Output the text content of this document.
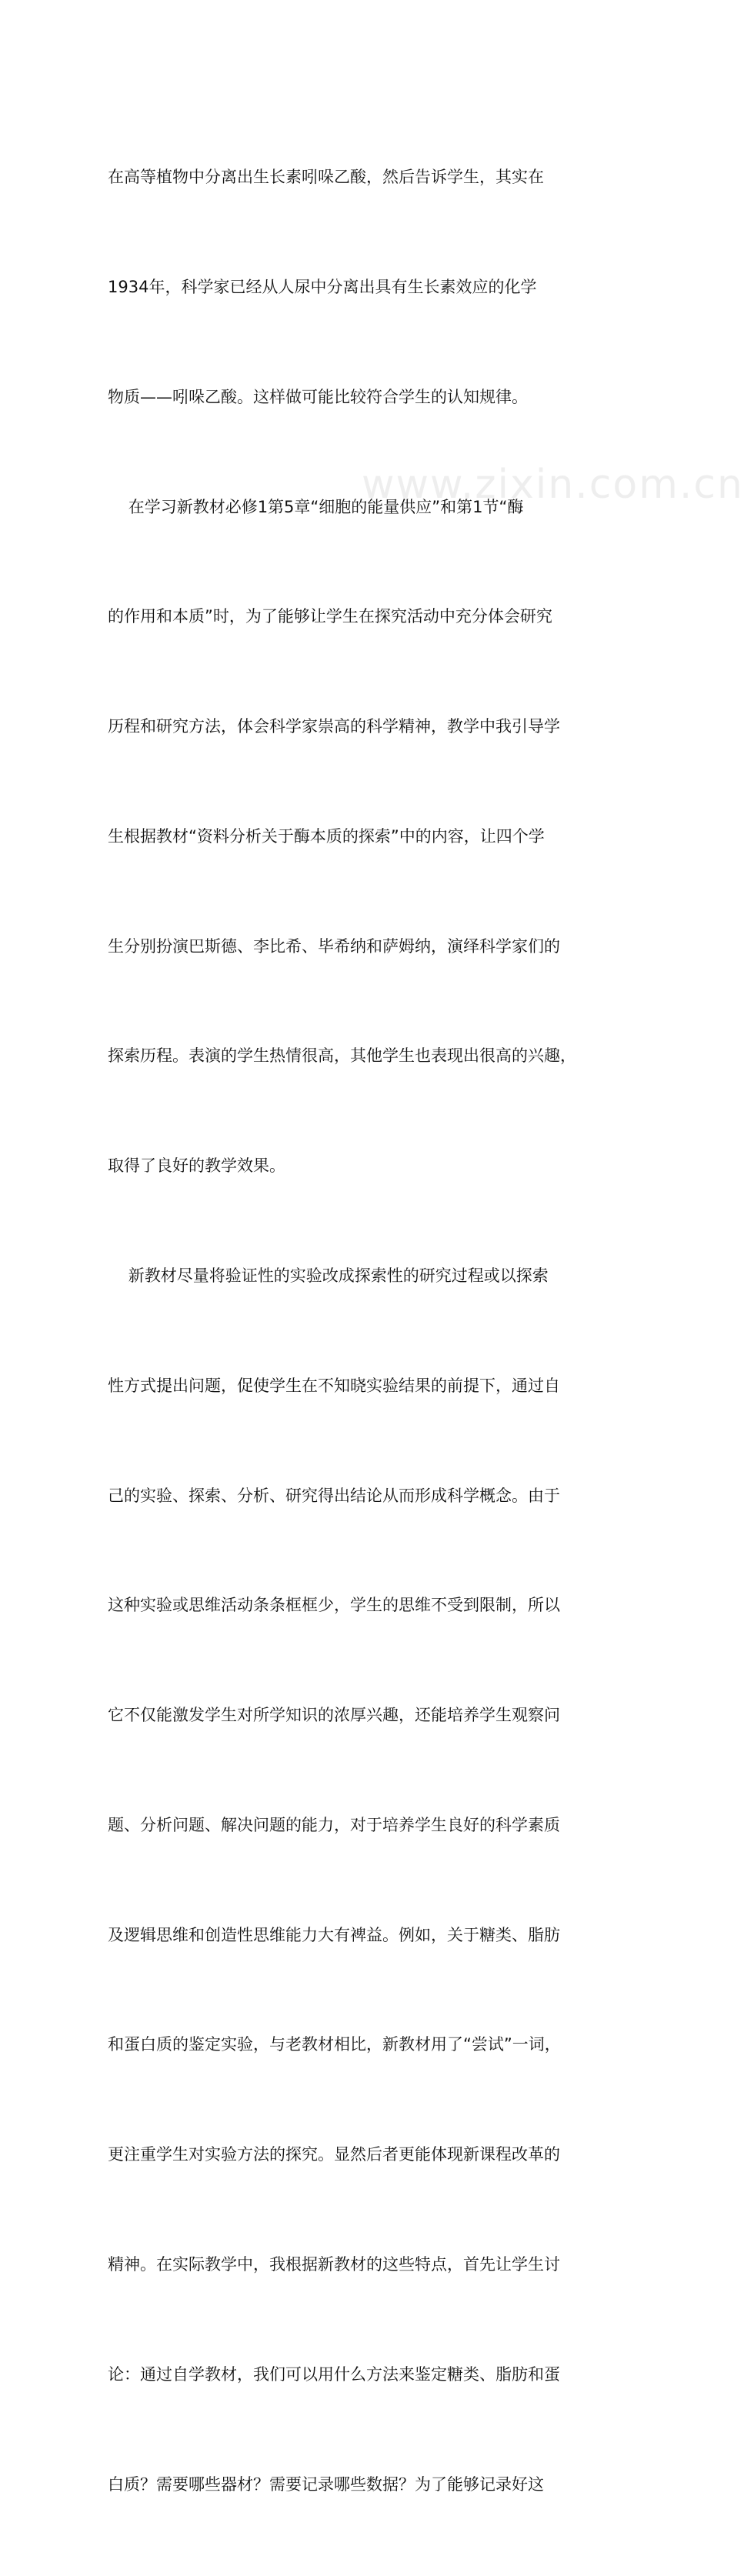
在高等植物中分离出生长素吲哚乙酸，然后告诉学生，其实在

1934年，科学家已经从人尿中分离出具有生长素效应的化学

物质——吲哚乙酸。这样做可能比较符合学生的认知规律。

在学习新教材必修1第5章“细胞的能量供应”和第1节“酶

的作用和本质”时，为了能够让学生在探究活动中充分体会研究

历程和研究方法，体会科学家崇高的科学精神，教学中我引导学

生根据教材“资料分析关于酶本质的探索”中的内容，让四个学

生分别扮演巴斯德、李比希、毕希纳和萨姆纳，演绎科学家们的

探索历程。表演的学生热情很高，其他学生也表现出很高的兴趣，

取得了良好的教学效果。

新教材尽量将验证性的实验改成探索性的研究过程或以探索

性方式提出问题，促使学生在不知晓实验结果的前提下，通过自

己的实验、探索、分析、研究得出结论从而形成科学概念。由于

这种实验或思维活动条条框框少，学生的思维不受到限制，所以

它不仅能激发学生对所学知识的浓厚兴趣，还能培养学生观察问

题、分析问题、解决问题的能力，对于培养学生良好的科学素质

及逻辑思维和创造性思维能力大有裨益。例如，关于糖类、脂肪

和蛋白质的鉴定实验，与老教材相比，新教材用了“尝试”一词，

更注重学生对实验方法的探究。显然后者更能体现新课程改革的

精神。在实际教学中，我根据新教材的这些特点，首先让学生讨

论：通过自学教材，我们可以用什么方法来鉴定糖类、脂肪和蛋

白质？需要哪些器材？需要记录哪些数据？为了能够记录好这

www.zixin.com.cn
